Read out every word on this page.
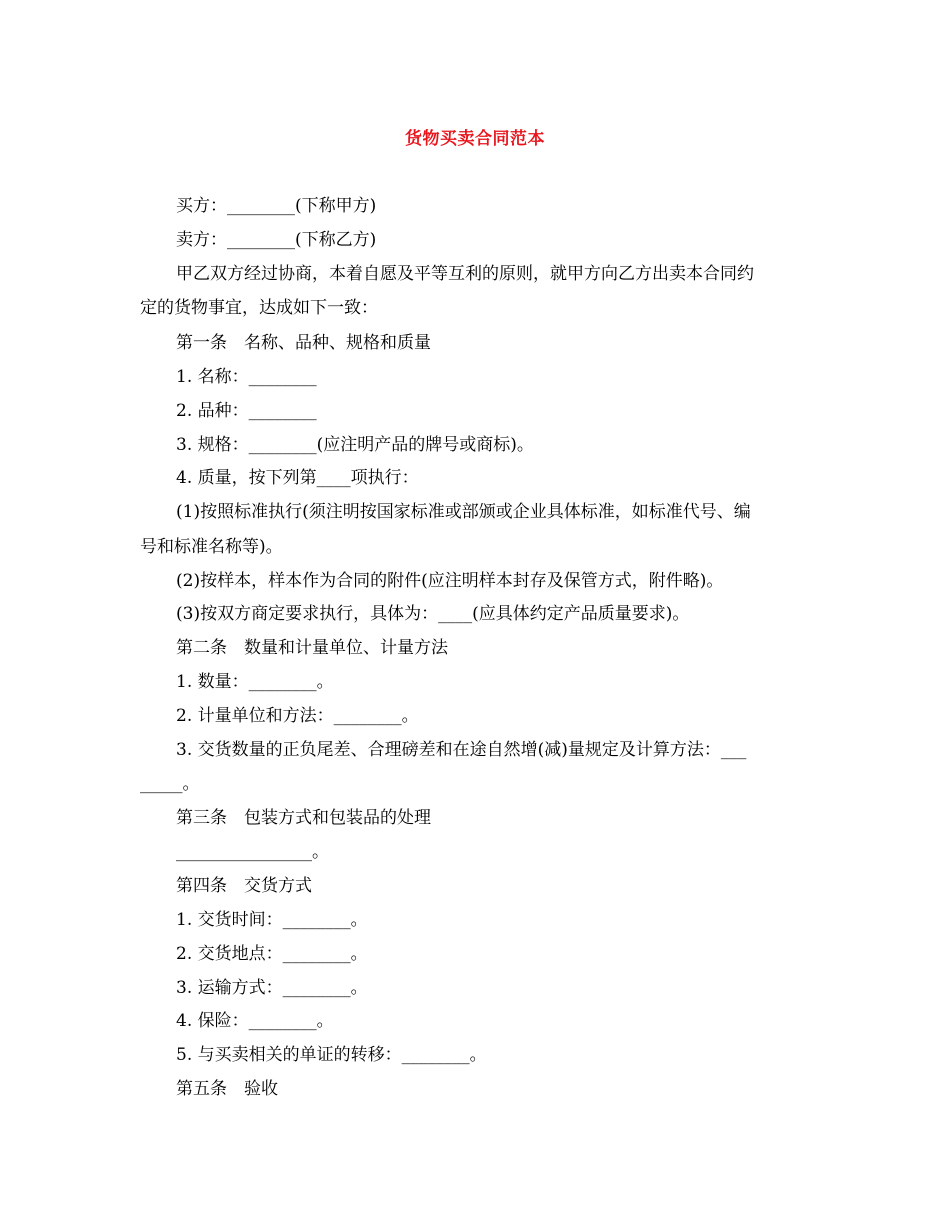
货物买卖合同范本
买方：________(下称甲方)
卖方：________(下称乙方)
甲乙双方经过协商，本着自愿及平等互利的原则，就甲方向乙方出卖本合同约
定的货物事宜，达成如下一致：
第一条　名称、品种、规格和质量
1. 名称：________
2. 品种：________
3. 规格：________(应注明产品的牌号或商标)。
4. 质量，按下列第____项执行：
(1)按照标准执行(须注明按国家标准或部颁或企业具体标准，如标准代号、编
号和标准名称等)。
(2)按样本，样本作为合同的附件(应注明样本封存及保管方式，附件略)。
(3)按双方商定要求执行，具体为：____(应具体约定产品质量要求)。
第二条　数量和计量单位、计量方法
1. 数量：________。
2. 计量单位和方法：________。
3. 交货数量的正负尾差、合理磅差和在途自然增(减)量规定及计算方法：___
_____。
第三条　包装方式和包装品的处理
________________。
第四条　交货方式
1. 交货时间：________。
2. 交货地点：________。
3. 运输方式：________。
4. 保险：________。
5. 与买卖相关的单证的转移：________。
第五条　验收
